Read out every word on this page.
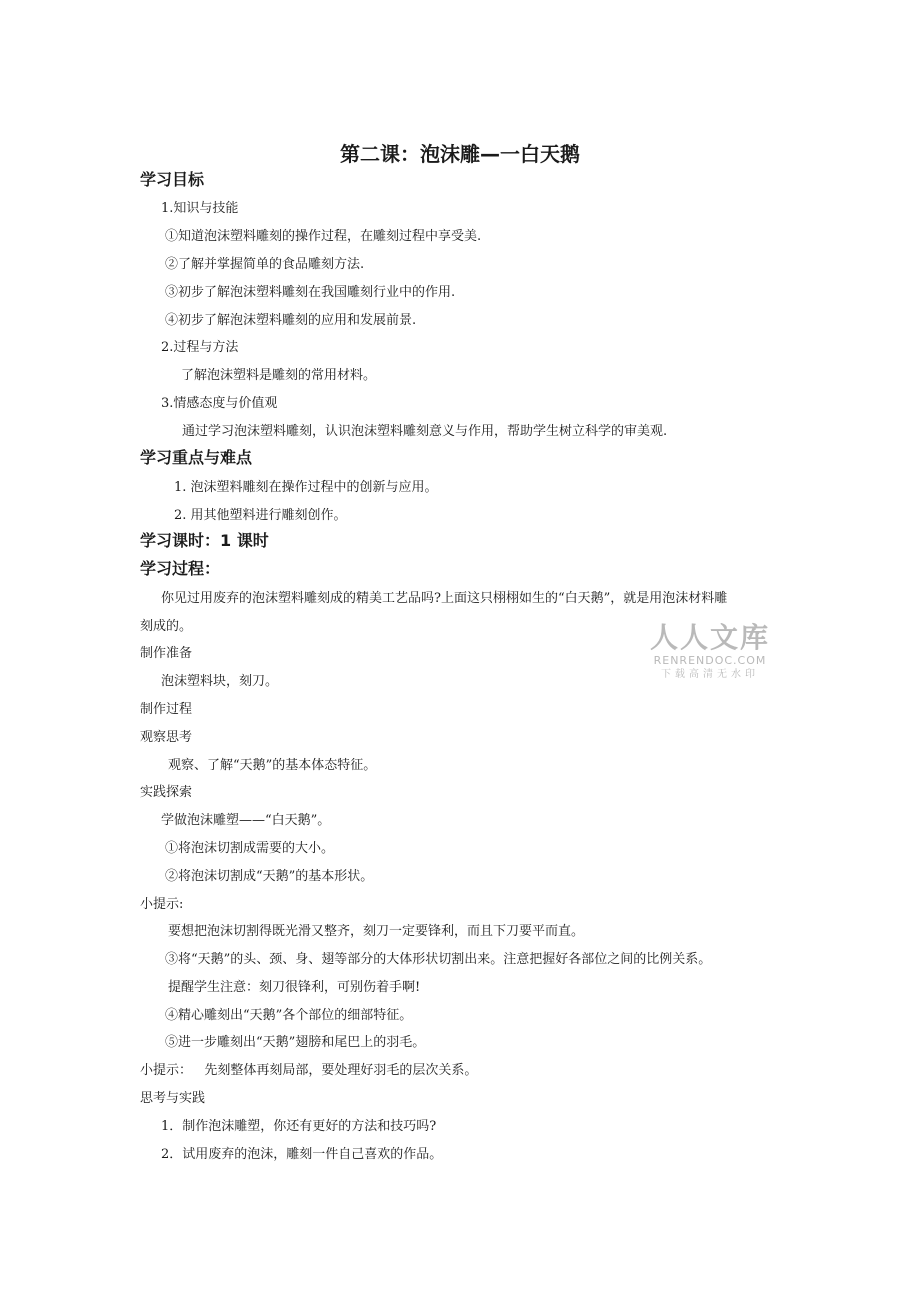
第二课：泡沫雕—一白天鹅
学习目标
1.知识与技能
①知道泡沫塑料雕刻的操作过程，在雕刻过程中享受美.
②了解并掌握简单的食品雕刻方法.
③初步了解泡沫塑料雕刻在我国雕刻行业中的作用.
④初步了解泡沫塑料雕刻的应用和发展前景.
2.过程与方法
了解泡沫塑料是雕刻的常用材料。
3.情感态度与价值观
通过学习泡沫塑料雕刻，认识泡沫塑料雕刻意义与作用，帮助学生树立科学的审美观.
学习重点与难点
1. 泡沫塑料雕刻在操作过程中的创新与应用。
2. 用其他塑料进行雕刻创作。
学习课时：1 课时
学习过程：
你见过用废弃的泡沫塑料雕刻成的精美工艺品吗?上面这只栩栩如生的“白天鹅”，就是用泡沫材料雕
刻成的。
制作准备
泡沫塑料块，刻刀。
制作过程
观察思考
观察、了解“天鹅”的基本体态特征。
实践探索
学做泡沫雕塑——“白天鹅”。
①将泡沫切割成需要的大小。
②将泡沫切割成“天鹅”的基本形状。
小提示:
要想把泡沫切割得既光滑又整齐，刻刀一定要锋利，而且下刀要平而直。
③将“天鹅”的头、颈、身、翅等部分的大体形状切割出来。注意把握好各部位之间的比例关系。
提醒学生注意：刻刀很锋利，可别伤着手啊!
④精心雕刻出“天鹅”各个部位的细部特征。
⑤进一步雕刻出“天鹅”翅膀和尾巴上的羽毛。
小提示：   先刻整体再刻局部，要处理好羽毛的层次关系。
思考与实践
1．制作泡沫雕塑，你还有更好的方法和技巧吗?
2．试用废弃的泡沫，雕刻一件自己喜欢的作品。
人人文库
RENRENDOC.COM
下载高清无水印
